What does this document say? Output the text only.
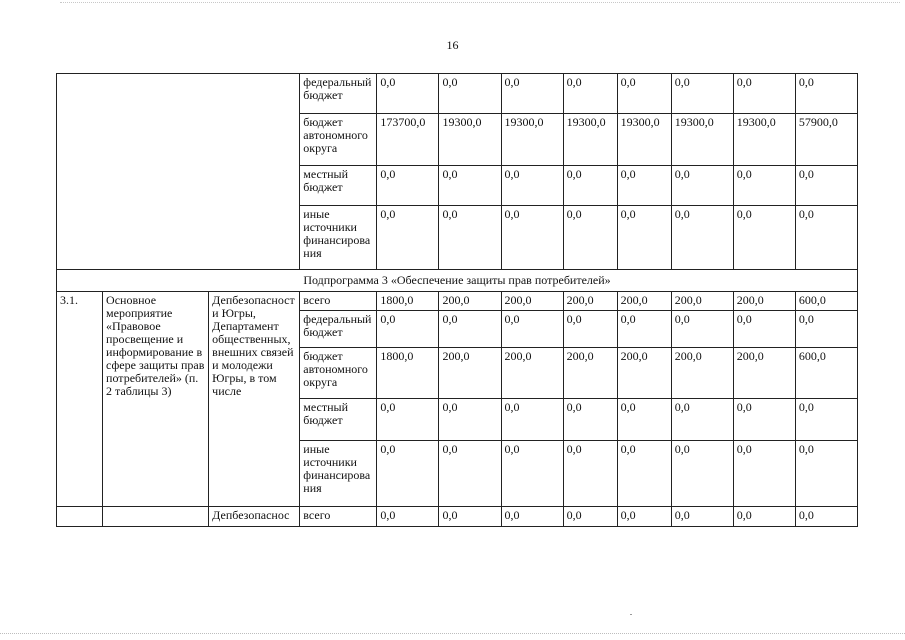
16
			федеральный бюджет	0,0	0,0	0,0	0,0	0,0	0,0	0,0	0,0
			бюджет автономного округа	173700,0	19300,0	19300,0	19300,0	19300,0	19300,0	19300,0	57900,0
			местный бюджет	0,0	0,0	0,0	0,0	0,0	0,0	0,0	0,0
			иные источники финансирования	0,0	0,0	0,0	0,0	0,0	0,0	0,0	0,0
Подпрограмма 3 «Обеспечение защиты прав потребителей»											
3.1.	Основное мероприятие «Правовое просвещение и информирование в сфере защиты прав потребителей» (п. 2 таблицы 3)	Депбезопасности Югры, Департамент общественных, внешних связей и молодежи Югры, в том числе	всего	1800,0	200,0	200,0	200,0	200,0	200,0	200,0	600,0
			федеральный бюджет	0,0	0,0	0,0	0,0	0,0	0,0	0,0	0,0
			бюджет автономного округа	1800,0	200,0	200,0	200,0	200,0	200,0	200,0	600,0
			местный бюджет	0,0	0,0	0,0	0,0	0,0	0,0	0,0	0,0
			иные источники финансирования	0,0	0,0	0,0	0,0	0,0	0,0	0,0	0,0
		Депбезопаснос	всего	0,0	0,0	0,0	0,0	0,0	0,0	0,0	0,0
